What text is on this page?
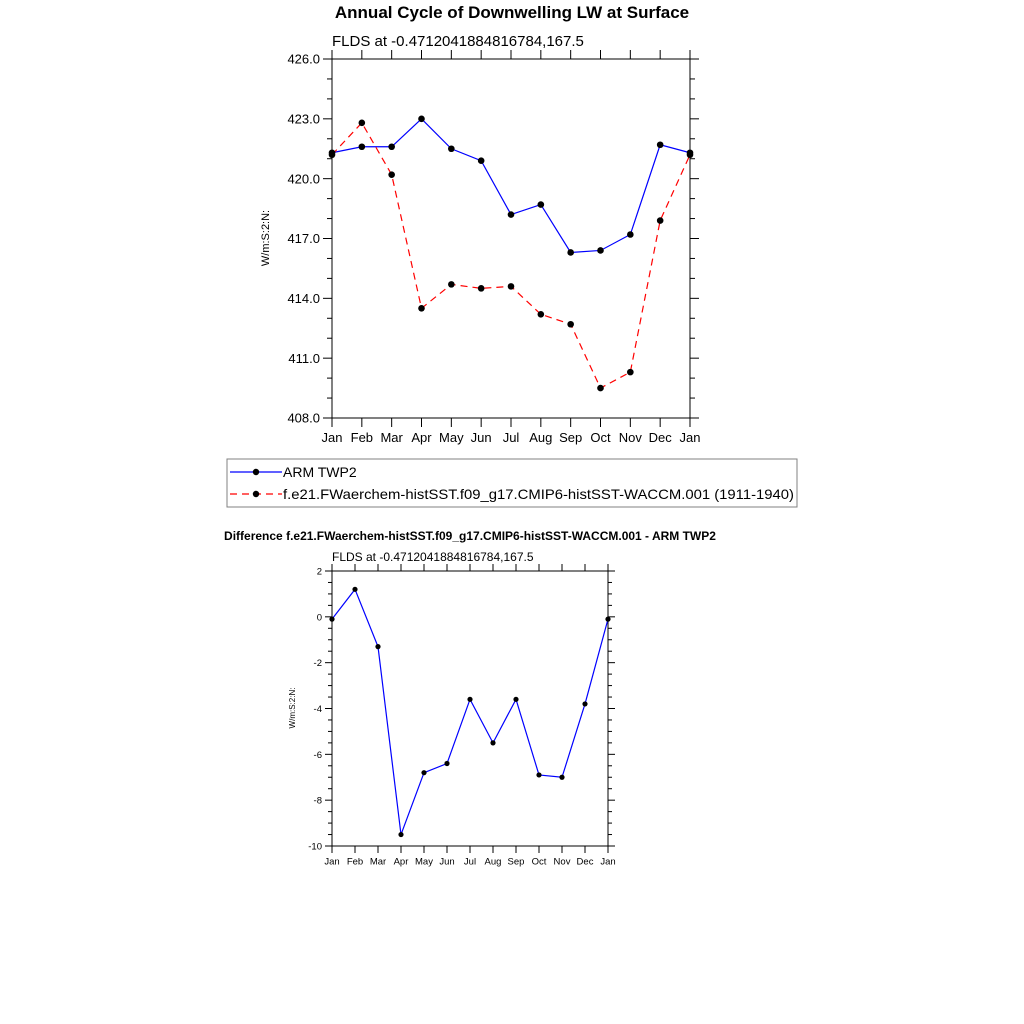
Annual Cycle of Downwelling LW at Surface
FLDS at -0.4712041884816784,167.5
W/m:S:2:N:
408.0
411.0
414.0
417.0
420.0
423.0
426.0
Jan Feb Mar Apr May Jun Jul Aug Sep Oct Nov Dec Jan
ARM TWP2
f.e21.FWaerchem-histSST.f09_g17.CMIP6-histSST-WACCM.001 (1911-1940)
Difference f.e21.FWaerchem-histSST.f09_g17.CMIP6-histSST-WACCM.001 - ARM TWP2
FLDS at -0.4712041884816784,167.5
W/m:S:2:N:
-10
-8
-6
-4
-2
0
2
Jan Feb Mar Apr May Jun Jul Aug Sep Oct Nov Dec Jan
